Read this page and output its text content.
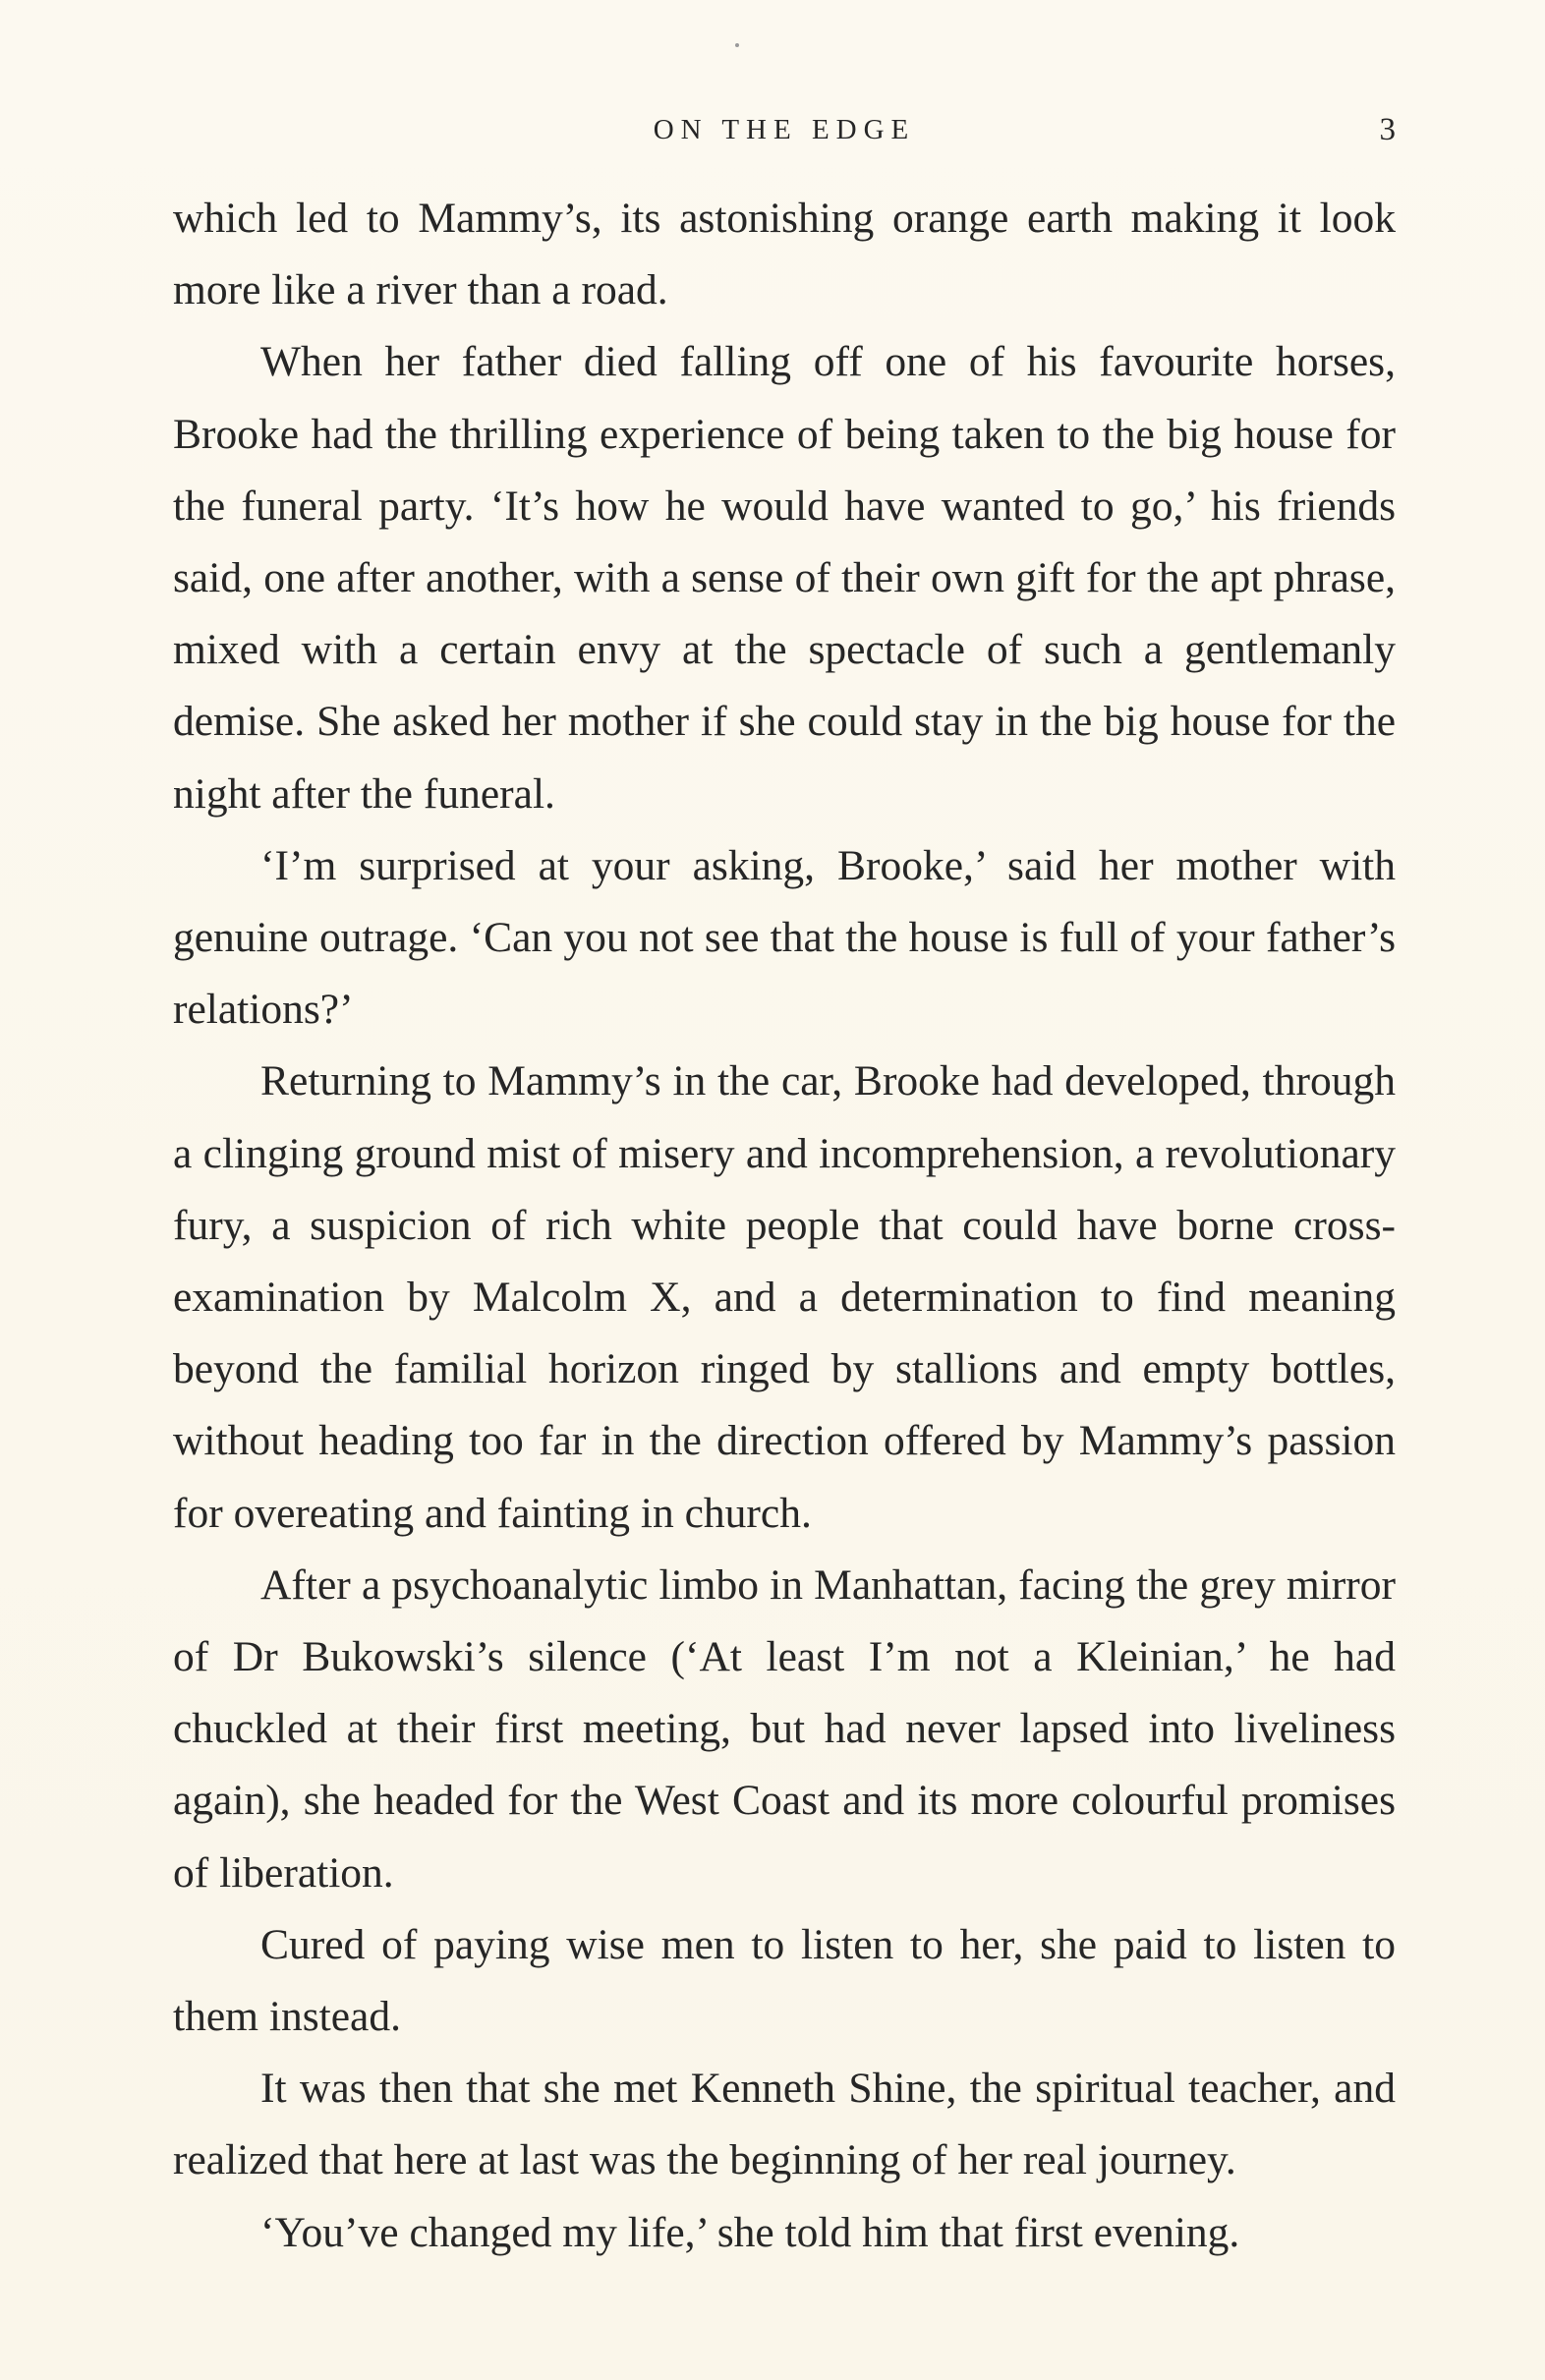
ON THE EDGE	3

which led to Mammy’s, its astonishing orange earth making it look more like a river than a road.

When her father died falling off one of his favourite horses, Brooke had the thrilling experience of being taken to the big house for the funeral party. ‘It’s how he would have wanted to go,’ his friends said, one after another, with a sense of their own gift for the apt phrase, mixed with a certain envy at the spectacle of such a gentlemanly demise. She asked her mother if she could stay in the big house for the night after the funeral.

‘I’m surprised at your asking, Brooke,’ said her mother with genuine outrage. ‘Can you not see that the house is full of your father’s relations?’

Returning to Mammy’s in the car, Brooke had developed, through a clinging ground mist of misery and incomprehension, a revolutionary fury, a suspicion of rich white people that could have borne cross-examination by Malcolm X, and a determination to find meaning beyond the familial horizon ringed by stallions and empty bottles, without heading too far in the direction offered by Mammy’s passion for overeating and fainting in church.

After a psychoanalytic limbo in Manhattan, facing the grey mirror of Dr Bukowski’s silence (‘At least I’m not a Kleinian,’ he had chuckled at their first meeting, but had never lapsed into liveliness again), she headed for the West Coast and its more colourful promises of liberation.

Cured of paying wise men to listen to her, she paid to listen to them instead.

It was then that she met Kenneth Shine, the spiritual teacher, and realized that here at last was the beginning of her real journey.

‘You’ve changed my life,’ she told him that first evening.
